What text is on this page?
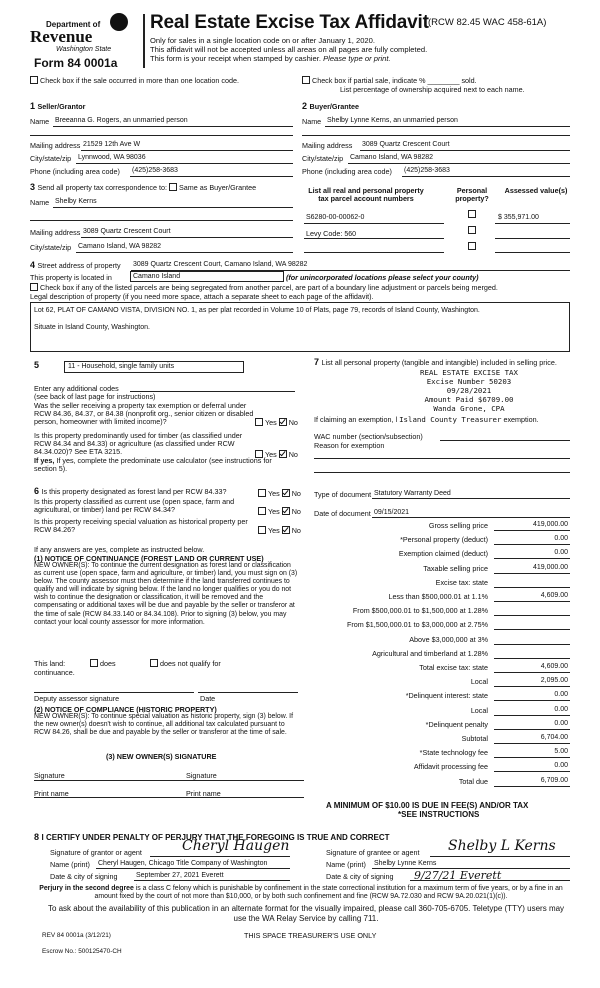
Department of
Revenue
Washington State
Form 84 0001a
Real Estate Excise Tax Affidavit (RCW 82.45 WAC 458-61A)
Only for sales in a single location code on or after January 1, 2020.
This affidavit will not be accepted unless all areas on all pages are fully completed.
This form is your receipt when stamped by cashier. Please type or print.
Check box if the sale occurred in more than one location code.	Check box if partial sale, indicate % ________ sold.
List percentage of ownership acquired next to each name.
1 Seller/Grantor
Name Breeanna G. Rogers, an unmarried person
Mailing address 21529 12th Ave W
City/state/zip Lynnwood, WA 98036
Phone (including area code) (425)258-3683
2 Buyer/Grantee
Name Shelby Lynne Kerns, an unmarried person
Mailing address 3089 Quartz Crescent Court
City/state/zip Camano Island, WA 98282
Phone (including area code) (425)258-3683
3 Send all property tax correspondence to: Same as Buyer/Grantee
Name Shelby Kerns
Mailing address 3089 Quartz Crescent Court
City/state/zip Camano Island, WA 98282
List all real and personal property tax parcel account numbers
Personal property?
Assessed value(s)
S6280-00-00062-0	$ 355,971.00
Levy Code: 560
4 Street address of property 3089 Quartz Crescent Court, Camano Island, WA 98282
This property is located in	Camano Island	(for unincorporated locations please select your county)
Check box if any of the listed parcels are being segregated from another parcel, are part of a boundary line adjustment or parcels being merged.
Legal description of property (if you need more space, attach a separate sheet to each page of the affidavit).
Lot 62, PLAT OF CAMANO VISTA, DIVISION NO. 1, as per plat recorded in Volume 10 of Plats, page 79, records of Island County, Washington.
Situate in Island County, Washington.
5	11 - Household, single family units
Enter any additional codes
(see back of last page for instructions)
Was the seller receiving a property tax exemption or deferral under RCW 84.36, 84.37, or 84.38 (nonprofit org., senior citizen or disabled person, homeowner with limited income)?	Yes No
Is this property predominantly used for timber (as classified under RCW 84.34 and 84.33) or agriculture (as classified under RCW 84.34.020)? See ETA 3215.	Yes No
If yes, If yes, complete the predominate use calculator (see instructions for section 5).
7 List all personal property (tangible and intangible) included in selling price.
REAL ESTATE EXCISE TAX
Excise Number 50203
09/28/2021
Amount Paid $6709.00
Wanda Grone, CPA
If claiming an exemption, l Island County Treasurer exemption.
WAC number (section/subsection)
Reason for exemption
6 Is this property designated as forest land per RCW 84.33?	Yes No
Is this property classified as current use (open space, farm and agricultural, or timber) land per RCW 84.34?	Yes No
Is this property receiving special valuation as historical property per RCW 84.26?	Yes No
If any answers are yes, complete as instructed below.
(1) NOTICE OF CONTINUANCE (FOREST LAND OR CURRENT USE)
NEW OWNER(S): To continue the current designation as forest land or classification as current use (open space, farm and agriculture, or timber) land, you must sign on (3) below. The county assessor must then determine if the land transferred continues to qualify and will indicate by signing below. If the land no longer qualifies or you do not wish to continue the designation or classification, it will be removed and the compensating or additional taxes will be due and payable by the seller or transferor at the time of sale (RCW 84.33.140 or 84.34.108). Prior to signing (3) below, you may contact your local county assessor for more information.
This land:	does	does not qualify for
continuance.
Deputy assessor signature	Date
(2) NOTICE OF COMPLIANCE (HISTORIC PROPERTY)
NEW OWNER(S): To continue special valuation as historic property, sign (3) below. If the new owner(s) doesn't wish to continue, all additional tax calculated pursuant to RCW 84.26, shall be due and payable by the seller or transferor at the time of sale.
(3) NEW OWNER(S) SIGNATURE
Signature	Signature
Print name	Print name
Type of document Statutory Warranty Deed
Date of document 09/15/2021
Gross selling price	419,000.00
*Personal property (deduct)	0.00
Exemption claimed (deduct)	0.00
Taxable selling price	419,000.00
Excise tax: state
Less than $500,000.01 at 1.1%	4,609.00
From $500,000.01 to $1,500,000 at 1.28%
From $1,500,000.01 to $3,000,000 at 2.75%
Above $3,000,000 at 3%
Agricultural and timberland at 1.28%
Total excise tax: state	4,609.00
Local	2,095.00
*Delinquent interest: state	0.00
Local	0.00
*Delinquent penalty	0.00
Subtotal	6,704.00
*State technology fee	5.00
Affidavit processing fee	0.00
Total due	6,709.00
A MINIMUM OF $10.00 IS DUE IN FEE(S) AND/OR TAX
*SEE INSTRUCTIONS
8 I CERTIFY UNDER PENALTY OF PERJURY THAT THE FOREGOING IS TRUE AND CORRECT
Signature of grantor or agent	Cheryl Haugen
Name (print) Cheryl Haugen, Chicago Title Company of Washington
Date & city of signing	September 27, 2021 Everett
Signature of grantee or agent Shelby L Kerns
Name (print) Shelby Lynne Kerns
Date & city of signing 9/27/21 Everett
Perjury in the second degree is a class C felony which is punishable by confinement in the state correctional institution for a maximum term of five years, or by a fine in an amount fixed by the court of not more than $10,000, or by both such confinement and fine (RCW 9A.72.030 and RCW 9A.20.021(1)(c)).
To ask about the availability of this publication in an alternate format for the visually impaired, please call 360-705-6705. Teletype (TTY) users may use the WA Relay Service by calling 711.
REV 84 0001a (3/12/21)	THIS SPACE TREASURER'S USE ONLY
Escrow No.: 500125470-CH
